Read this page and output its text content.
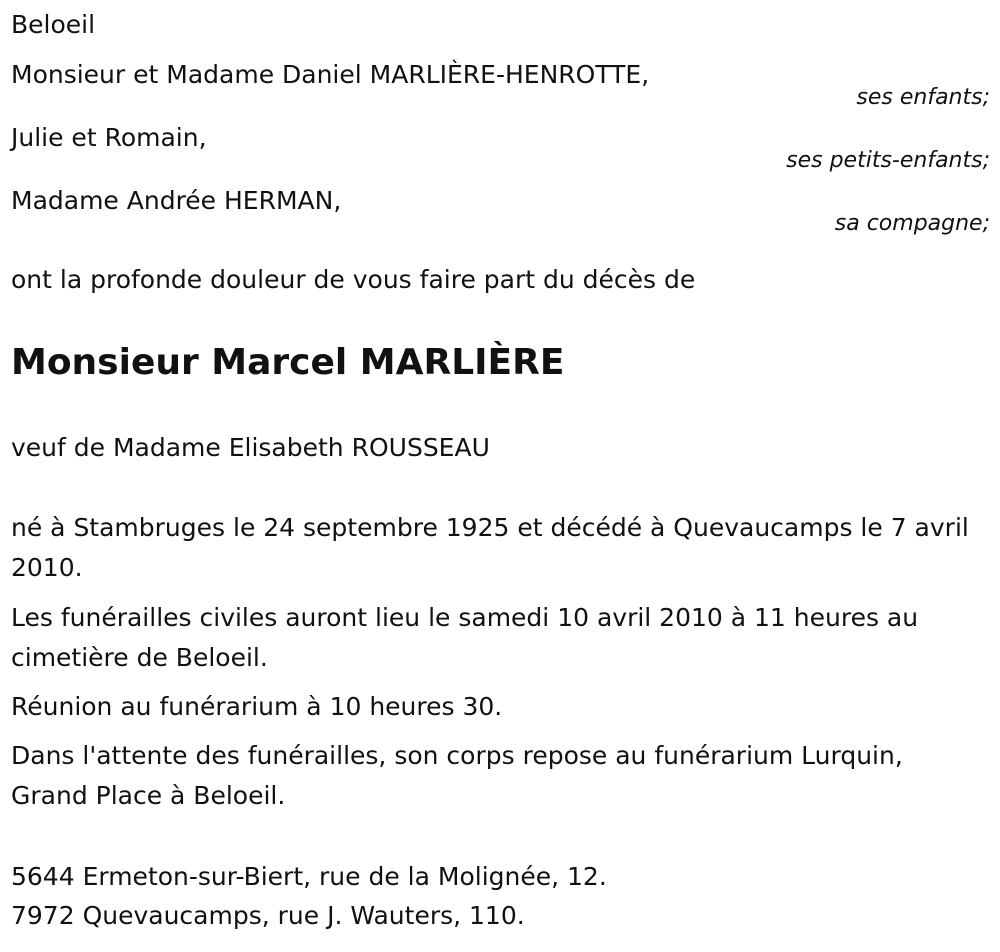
Beloeil
Monsieur et Madame Daniel MARLIÈRE-HENROTTE,
ses enfants;
Julie et Romain,
ses petits-enfants;
Madame Andrée HERMAN,
sa compagne;
ont la profonde douleur de vous faire part du décès de
Monsieur Marcel MARLIÈRE
veuf de Madame Elisabeth ROUSSEAU
né à Stambruges le 24 septembre 1925 et décédé à Quevaucamps le 7 avril 2010.
Les funérailles civiles auront lieu le samedi 10 avril 2010 à 11 heures au cimetière de Beloeil.
Réunion au funérarium à 10 heures 30.
Dans l'attente des funérailles, son corps repose au funérarium Lurquin, Grand Place à Beloeil.
5644 Ermeton-sur-Biert, rue de la Molignée, 12.
7972 Quevaucamps, rue J. Wauters, 110.
